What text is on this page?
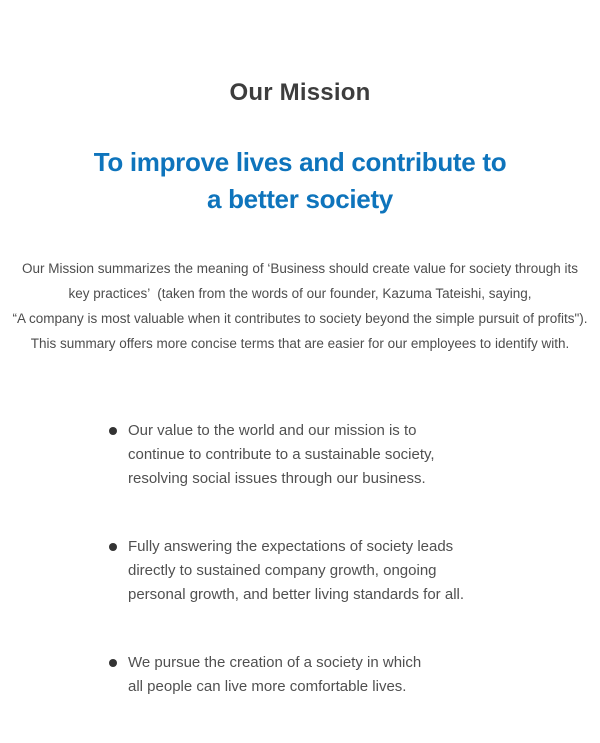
Our Mission
To improve lives and contribute to
a better society
Our Mission summarizes the meaning of ‘Business should create value for society through its
key practices’  (taken from the words of our founder, Kazuma Tateishi, saying,
“A company is most valuable when it contributes to society beyond the simple pursuit of profits").
This summary offers more concise terms that are easier for our employees to identify with.
Our value to the world and our mission is to
continue to contribute to a sustainable society,
resolving social issues through our business.
Fully answering the expectations of society leads
directly to sustained company growth, ongoing
personal growth, and better living standards for all.
We pursue the creation of a society in which
all people can live more comfortable lives.
